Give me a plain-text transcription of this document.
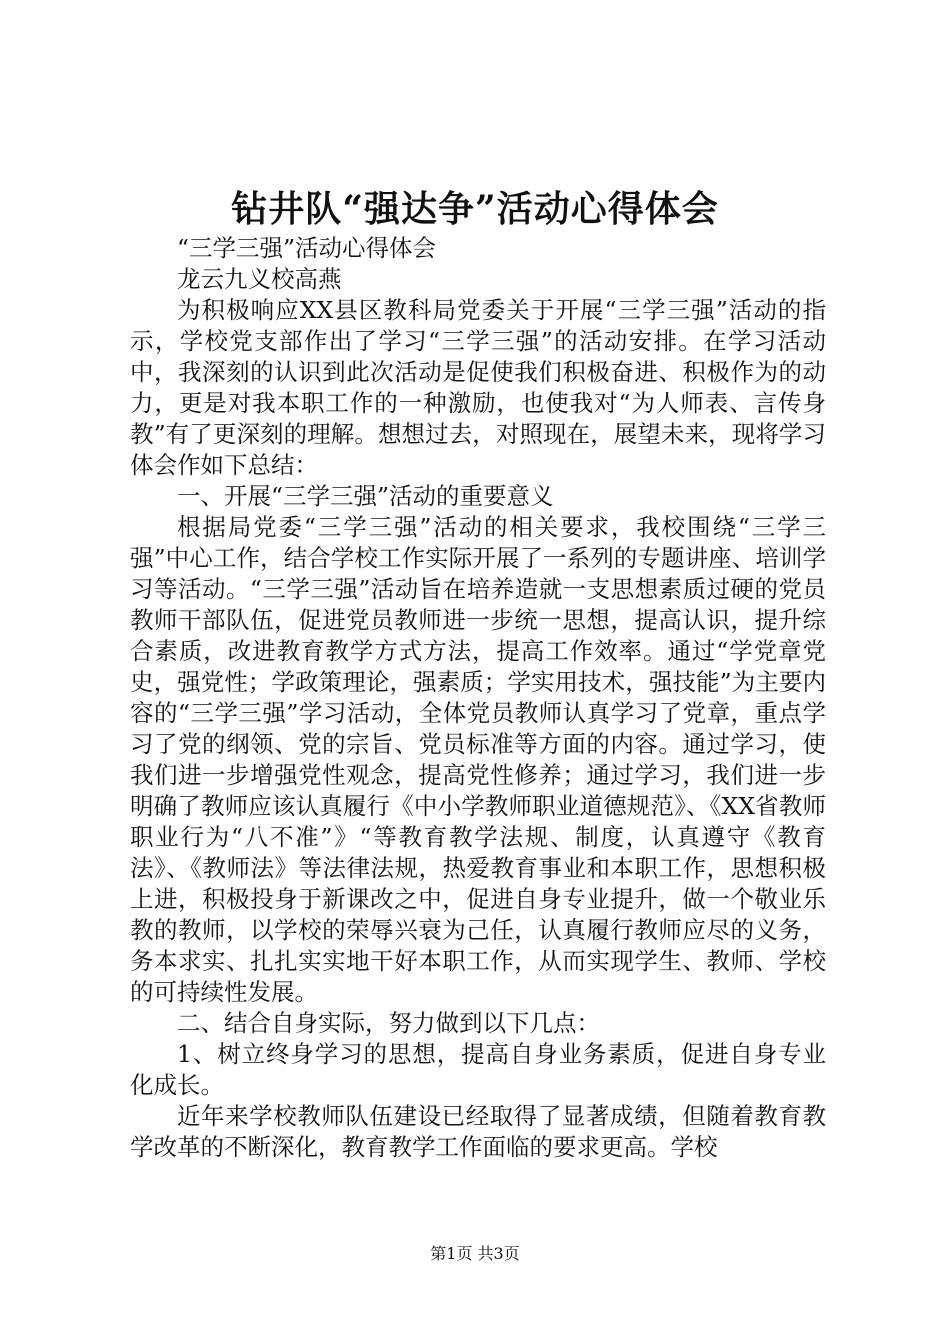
钻井队“强达争”活动心得体会

“三学三强”活动心得体会

龙云九义校高燕

为积极响应XX县区教科局党委关于开展“三学三强”活动的指示，学校党支部作出了学习“三学三强”的活动安排。在学习活动中，我深刻的认识到此次活动是促使我们积极奋进、积极作为的动力，更是对我本职工作的一种激励，也使我对“为人师表、言传身教”有了更深刻的理解。想想过去，对照现在，展望未来，现将学习体会作如下总结：

一、开展“三学三强”活动的重要意义

根据局党委“三学三强”活动的相关要求，我校围绕“三学三强”中心工作，结合学校工作实际开展了一系列的专题讲座、培训学习等活动。“三学三强”活动旨在培养造就一支思想素质过硬的党员教师干部队伍，促进党员教师进一步统一思想，提高认识，提升综合素质，改进教育教学方式方法，提高工作效率。通过“学党章党史，强党性；学政策理论，强素质；学实用技术，强技能”为主要内容的“三学三强”学习活动，全体党员教师认真学习了党章，重点学习了党的纲领、党的宗旨、党员标准等方面的内容。通过学习，使我们进一步增强党性观念，提高党性修养；通过学习，我们进一步明确了教师应该认真履行《中小学教师职业道德规范》、《XX省教师职业行为“八不准”》“等教育教学法规、制度，认真遵守《教育法》、《教师法》等法律法规，热爱教育事业和本职工作，思想积极上进，积极投身于新课改之中，促进自身专业提升，做一个敬业乐教的教师，以学校的荣辱兴衰为己任，认真履行教师应尽的义务，务本求实、扎扎实实地干好本职工作，从而实现学生、教师、学校的可持续性发展。

二、结合自身实际，努力做到以下几点：

1、树立终身学习的思想，提高自身业务素质，促进自身专业化成长。

近年来学校教师队伍建设已经取得了显著成绩，但随着教育教学改革的不断深化，教育教学工作面临的要求更高。学校

第1页 共3页
